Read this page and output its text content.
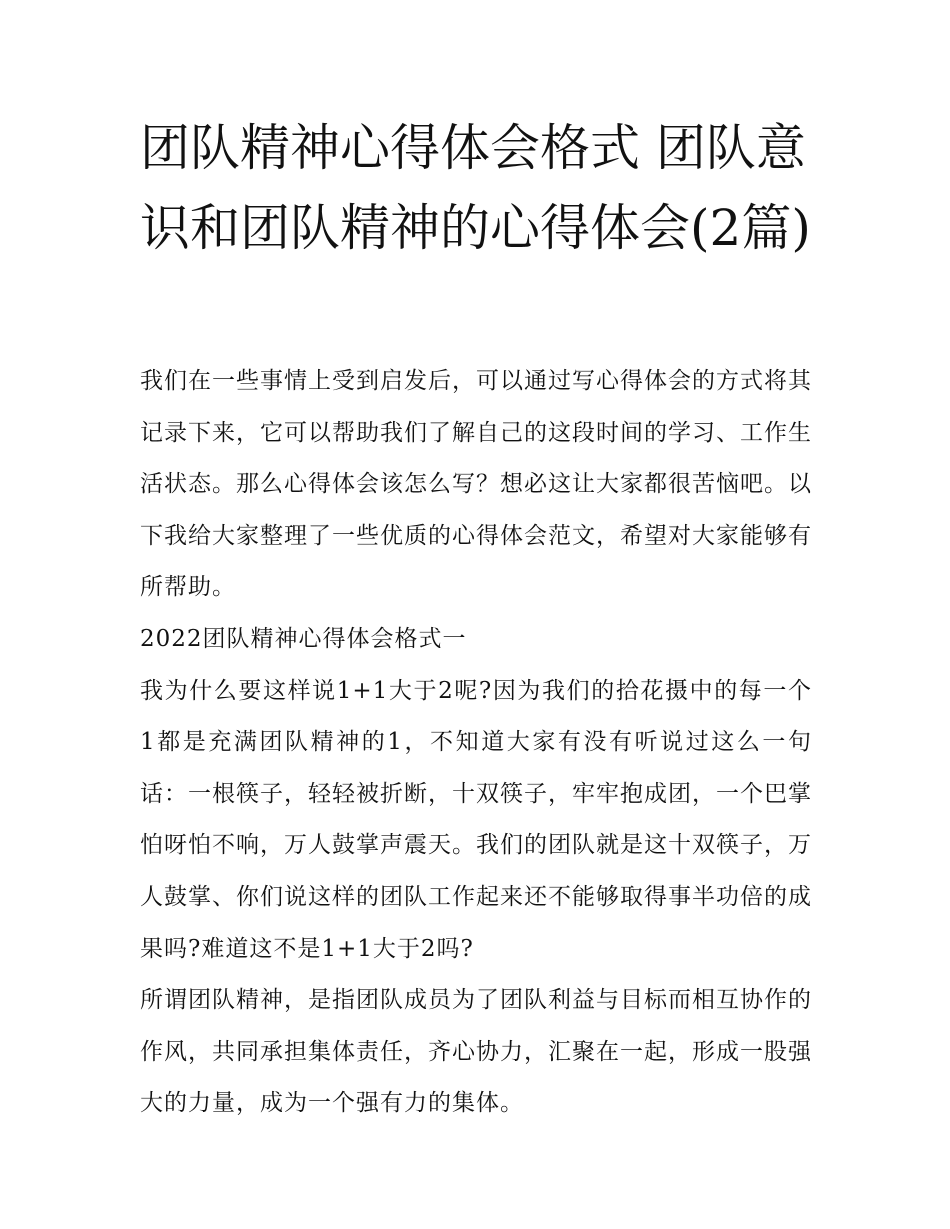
团队精神心得体会格式 团队意识和团队精神的心得体会(2篇)

我们在一些事情上受到启发后，可以通过写心得体会的方式将其记录下来，它可以帮助我们了解自己的这段时间的学习、工作生活状态。那么心得体会该怎么写？想必这让大家都很苦恼吧。以下我给大家整理了一些优质的心得体会范文，希望对大家能够有所帮助。

2022团队精神心得体会格式一

我为什么要这样说1+1大于2呢?因为我们的拾花摄中的每一个1都是充满团队精神的1，不知道大家有没有听说过这么一句话：一根筷子，轻轻被折断，十双筷子，牢牢抱成团，一个巴掌怕呀怕不响，万人鼓掌声震天。我们的团队就是这十双筷子，万人鼓掌、你们说这样的团队工作起来还不能够取得事半功倍的成果吗?难道这不是1+1大于2吗?

所谓团队精神，是指团队成员为了团队利益与目标而相互协作的作风，共同承担集体责任，齐心协力，汇聚在一起，形成一股强大的力量，成为一个强有力的集体。
